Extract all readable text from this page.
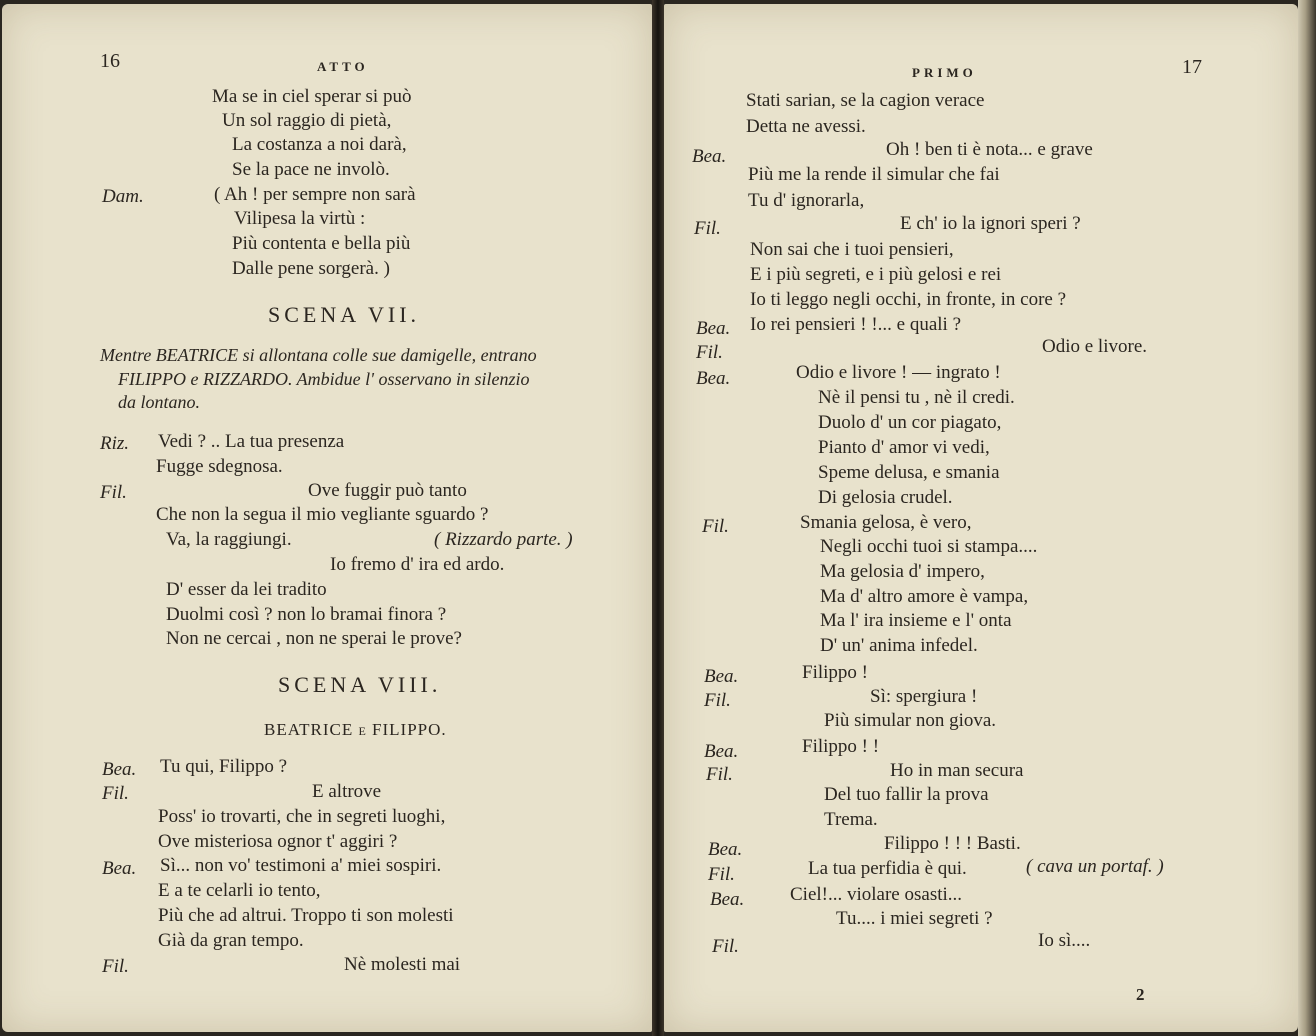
16	ATTO
Ma se in ciel sperar si può
Un sol raggio di pietà,
La costanza a noi darà,
Se la pace ne involò.
Dam.	( Ah ! per sempre non sarà
Vilipesa la virtù :
Più contenta e bella più
Dalle pene sorgerà. )
SCENA VII.
Mentre BEATRICE si allontana colle sue damigelle, entrano
FILIPPO e RIZZARDO. Ambidue l' osservano in silenzio
da lontano.
Riz. Vedi ? .. La tua presenza
Fugge sdegnosa.
Fil.	Ove fuggir può tanto
Che non la segua il mio vegliante sguardo ?
Va, la raggiungi.	( Rizzardo parte. )
Io fremo d' ira ed ardo.
D' esser da lei tradito
Duolmi così ? non lo bramai finora ?
Non ne cercai , non ne sperai le prove?
SCENA VIII.
BEATRICE e FILIPPO.
Bea. Tu qui, Filippo ?
Fil.	E altrove
Poss' io trovarti, che in segreti luoghi,
Ove misteriosa ognor t' aggiri ?
Bea. Sì... non vo' testimoni a' miei sospiri.
E a te celarli io tento,
Più che ad altrui. Troppo ti son molesti
Già da gran tempo.
Fil.	Nè molesti mai
PRIMO	17
Stati sarian, se la cagion verace
Detta ne avessi.
Bea.	Oh ! ben ti è nota... e grave
Più me la rende il simular che fai
Tu d' ignorarla,
Fil.	E ch' io la ignori speri ?
Non sai che i tuoi pensieri,
E i più segreti, e i più gelosi e rei
Io ti leggo negli occhi, in fronte, in core ?
Bea. Io rei pensieri ! !... e quali ?
Fil.	Odio e livore.
Bea.	Odio e livore ! — ingrato !
Nè il pensi tu , nè il credi.
Duolo d' un cor piagato,
Pianto d' amor vi vedi,
Speme delusa, e smania
Di gelosia crudel.
Fil.	Smania gelosa, è vero,
Negli occhi tuoi si stampa....
Ma gelosia d' impero,
Ma d' altro amore è vampa,
Ma l' ira insieme e l' onta
D' un' anima infedel.
Bea.	Filippo !
Fil.	Sì: spergiura !
Più simular non giova.
Bea.	Filippo ! !
Fil.	Ho in man secura
Del tuo fallir la prova
Trema.
Bea.	Filippo ! ! ! Basti.
Fil.	La tua perfidia è qui.	( cava un portaf. )
Bea. Ciel!... violare osasti...
Tu.... i miei segreti ?
Fil.	Io sì....
2
